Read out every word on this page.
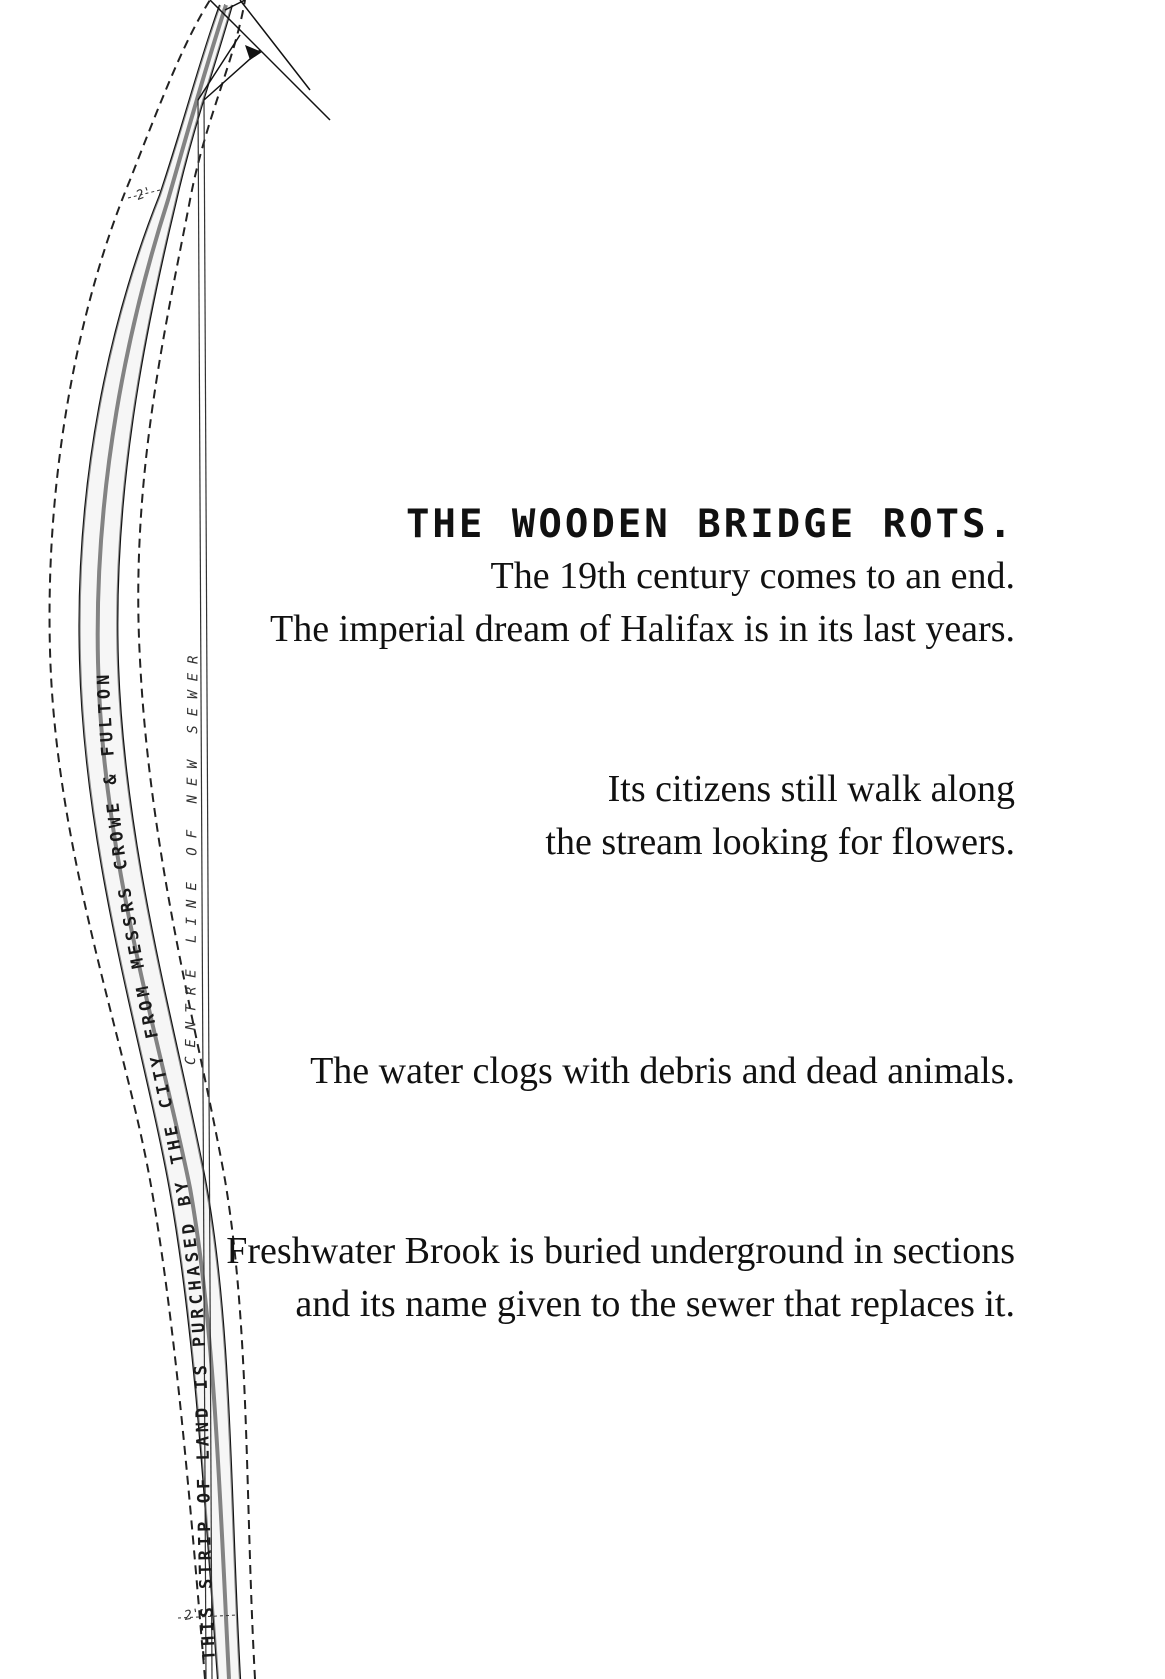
THIS STRIP OF LAND IS PURCHASED BY THE CITY FROM MESSRS CROWE & FULTON
CENTRE LINE OF NEW SEWER
2'
2'
THE WOODEN BRIDGE ROTS.
The 19th century comes to an end.
The imperial dream of Halifax is in its last years.
Its citizens still walk along
the stream looking for flowers.
The water clogs with debris and dead animals.
Freshwater Brook is buried underground in sections
and its name given to the sewer that replaces it.
